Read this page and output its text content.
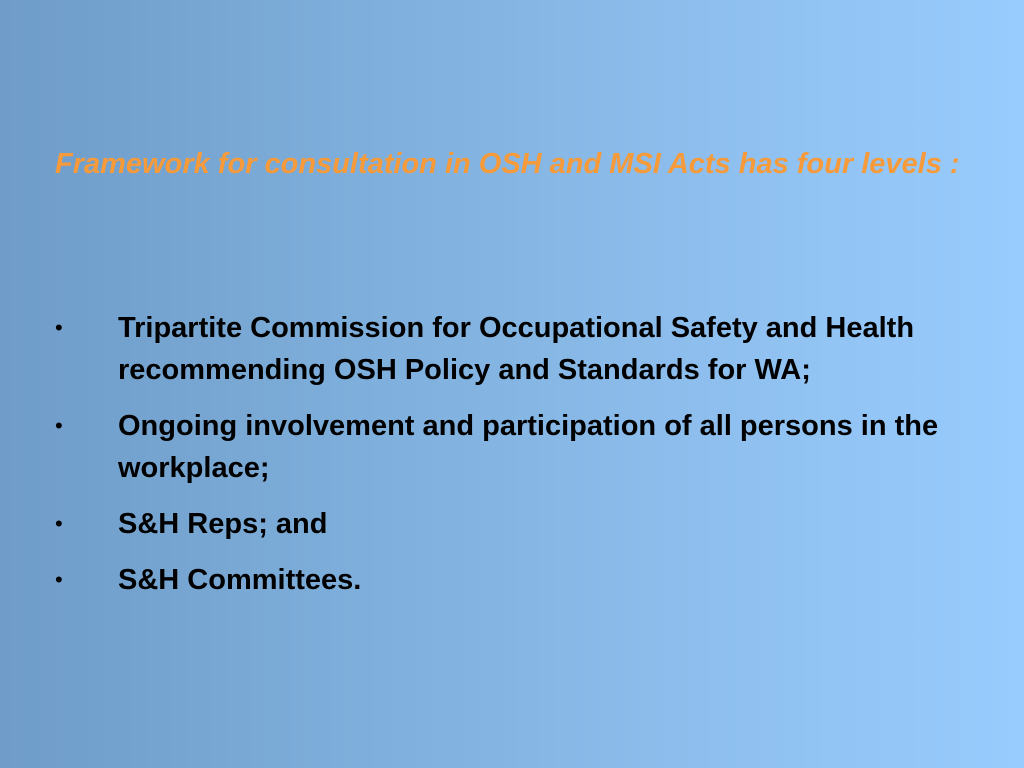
Framework for consultation in OSH and MSI Acts has four levels :

•	Tripartite Commission for Occupational Safety and Health recommending OSH Policy and Standards for WA;
•	Ongoing involvement and participation of all persons in the workplace;
•	S&H Reps; and
•	S&H Committees.
